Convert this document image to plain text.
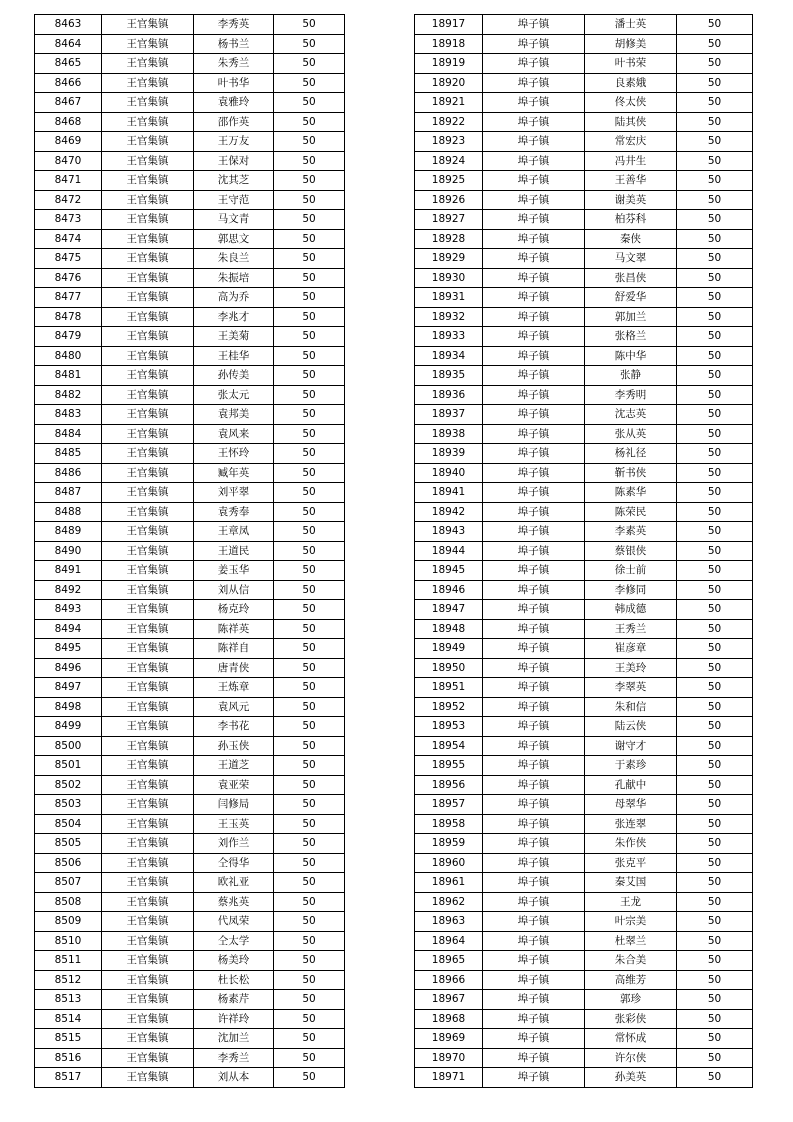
8463	王官集镇	李秀英	50
8464	王官集镇	杨书兰	50
8465	王官集镇	朱秀兰	50
8466	王官集镇	叶书华	50
8467	王官集镇	袁雅玲	50
8468	王官集镇	邵作英	50
8469	王官集镇	王万友	50
8470	王官集镇	王保对	50
8471	王官集镇	沈其芝	50
8472	王官集镇	王守范	50
8473	王官集镇	马文青	50
8474	王官集镇	郭思文	50
8475	王官集镇	朱良兰	50
8476	王官集镇	朱振培	50
8477	王官集镇	高为乔	50
8478	王官集镇	李兆才	50
8479	王官集镇	王美菊	50
8480	王官集镇	王桂华	50
8481	王官集镇	孙传美	50
8482	王官集镇	张太元	50
8483	王官集镇	袁邦美	50
8484	王官集镇	袁风来	50
8485	王官集镇	王怀玲	50
8486	王官集镇	臧年英	50
8487	王官集镇	刘平翠	50
8488	王官集镇	袁秀奉	50
8489	王官集镇	王章凤	50
8490	王官集镇	王道民	50
8491	王官集镇	姜玉华	50
8492	王官集镇	刘从信	50
8493	王官集镇	杨克玲	50
8494	王官集镇	陈祥英	50
8495	王官集镇	陈祥自	50
8496	王官集镇	唐青侠	50
8497	王官集镇	王炼章	50
8498	王官集镇	袁风元	50
8499	王官集镇	李书花	50
8500	王官集镇	孙玉侠	50
8501	王官集镇	王道芝	50
8502	王官集镇	袁亚荣	50
8503	王官集镇	闫修局	50
8504	王官集镇	王玉英	50
8505	王官集镇	刘作兰	50
8506	王官集镇	仝得华	50
8507	王官集镇	欧礼亚	50
8508	王官集镇	蔡兆英	50
8509	王官集镇	代凤荣	50
8510	王官集镇	仝太学	50
8511	王官集镇	杨美玲	50
8512	王官集镇	杜长松	50
8513	王官集镇	杨素芹	50
8514	王官集镇	许祥玲	50
8515	王官集镇	沈加兰	50
8516	王官集镇	李秀兰	50
8517	王官集镇	刘从本	50
18917	埠子镇	潘士英	50
18918	埠子镇	胡修美	50
18919	埠子镇	叶书荣	50
18920	埠子镇	良素娥	50
18921	埠子镇	佟太侠	50
18922	埠子镇	陆其侠	50
18923	埠子镇	常宏庆	50
18924	埠子镇	冯井生	50
18925	埠子镇	王善华	50
18926	埠子镇	谢美英	50
18927	埠子镇	柏芬科	50
18928	埠子镇	秦侠	50
18929	埠子镇	马文翠	50
18930	埠子镇	张昌侠	50
18931	埠子镇	舒爱华	50
18932	埠子镇	郭加兰	50
18933	埠子镇	张格兰	50
18934	埠子镇	陈中华	50
18935	埠子镇	张静	50
18936	埠子镇	李秀明	50
18937	埠子镇	沈志英	50
18938	埠子镇	张从英	50
18939	埠子镇	杨礼径	50
18940	埠子镇	靳书侠	50
18941	埠子镇	陈素华	50
18942	埠子镇	陈荣民	50
18943	埠子镇	李素英	50
18944	埠子镇	蔡银侠	50
18945	埠子镇	徐士前	50
18946	埠子镇	李修同	50
18947	埠子镇	韩成德	50
18948	埠子镇	王秀兰	50
18949	埠子镇	崔彦章	50
18950	埠子镇	王美玲	50
18951	埠子镇	李翠英	50
18952	埠子镇	朱和信	50
18953	埠子镇	陆云侠	50
18954	埠子镇	谢守才	50
18955	埠子镇	于素珍	50
18956	埠子镇	孔献中	50
18957	埠子镇	母翠华	50
18958	埠子镇	张连翠	50
18959	埠子镇	朱作侠	50
18960	埠子镇	张克平	50
18961	埠子镇	秦艾国	50
18962	埠子镇	王龙	50
18963	埠子镇	叶宗美	50
18964	埠子镇	杜翠兰	50
18965	埠子镇	朱合美	50
18966	埠子镇	高维芳	50
18967	埠子镇	郭珍	50
18968	埠子镇	张彩侠	50
18969	埠子镇	常怀成	50
18970	埠子镇	许尔侠	50
18971	埠子镇	孙美英	50
